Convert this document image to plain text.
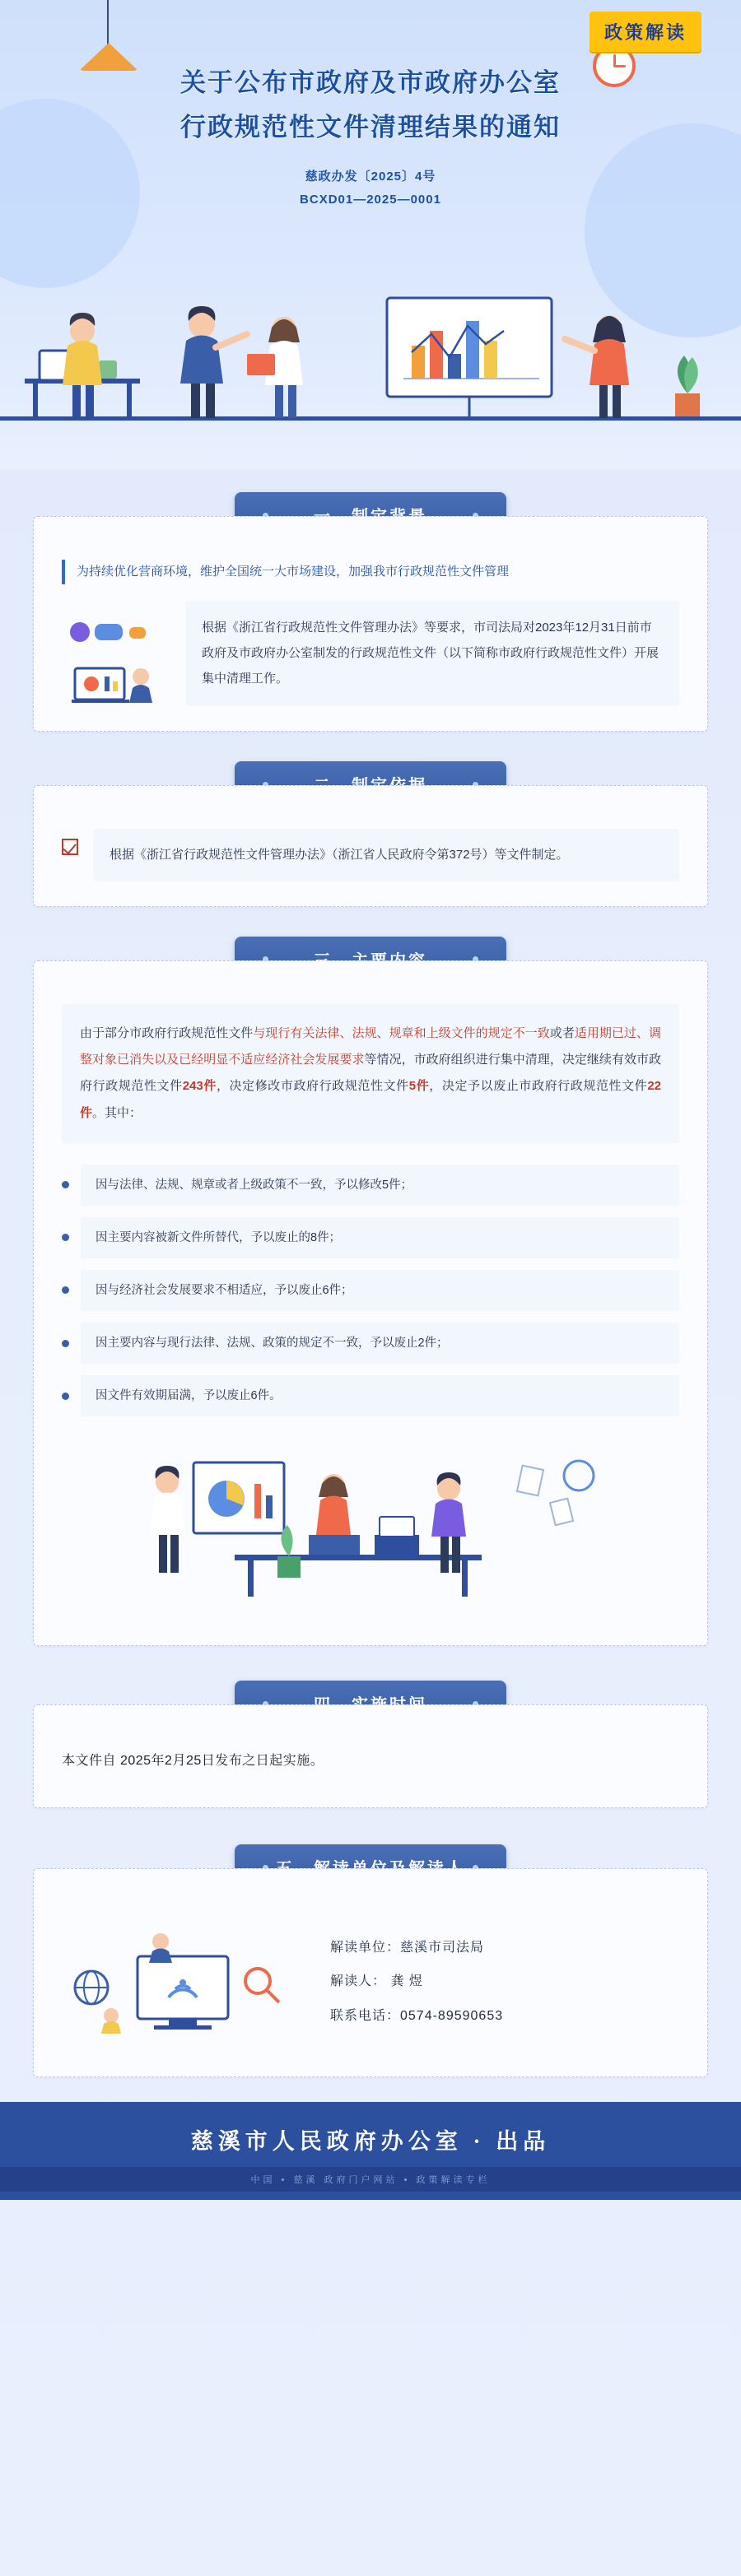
政策解读
关于公布市政府及市政府办公室
行政规范性文件清理结果的通知
慈政办发〔2025〕4号
BCXD01—2025—0001
为持续优化营商环境，维护全国统一大市场建设，加强我市行政规范性文件管理
根据《浙江省行政规范性文件管理办法》等要求，市司法局对2023年12月31日前市政府及市政府办公室制发的行政规范性文件（以下简称市政府行政规范性文件）开展集中清理工作。
根据《浙江省行政规范性文件管理办法》（浙江省人民政府令第372号）等文件制定。
由于部分市政府行政规范性文件与现行有关法律、法规、规章和上级文件的规定不一致或者适用期已过、调整对象已消失以及已经明显不适应经济社会发展要求等情况，市政府组织进行集中清理，决定继续有效市政府行政规范性文件243件，决定修改市政府行政规范性文件5件，决定予以废止市政府行政规范性文件22件。其中：
因与法律、法规、规章或者上级政策不一致，予以修改5件；
因主要内容被新文件所替代，予以废止的8件；
因与经济社会发展要求不相适应，予以废止6件；
因主要内容与现行法律、法规、政策的规定不一致，予以废止2件；
因文件有效期届满，予以废止6件。
本文件自 2025年2月25日发布之日起实施。
解读单位：慈溪市司法局
解读人： 龚 煜
联系电话：0574-89590653
慈溪市人民政府办公室 · 出品
中国 • 慈溪 政府门户网站 • 政策解读专栏
